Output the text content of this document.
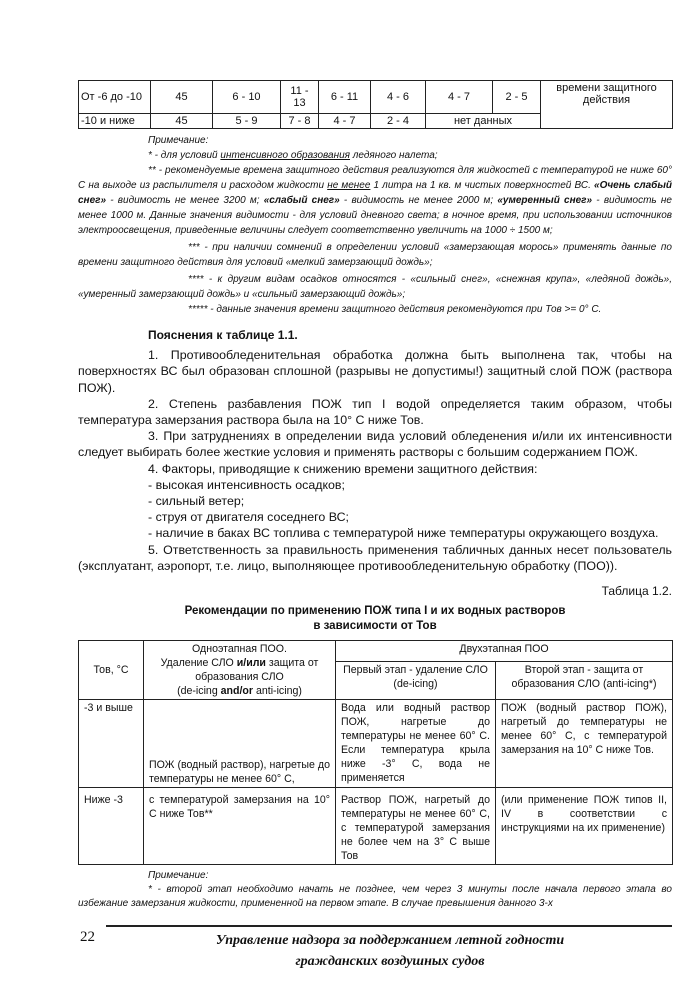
От -6 до -10	45	6 - 10	11 - 13	6 - 11	4 - 6	4 - 7	2 - 5	времени защитного действия
-10 и ниже	45	5 - 9	7 - 8	4 - 7	2 - 4	нет данных		
Примечание:
* - для условий интенсивного образования ледяного налета;
** - рекомендуемые времена защитного действия реализуются для жидкостей с температурой не ниже 60° С на выходе из распылителя и расходом жидкости не менее 1 литра на 1 кв. м чистых поверхностей ВС. «Очень слабый снег» - видимость не менее 3200 м; «слабый снег» - видимость не менее 2000 м; «умеренный снег» - видимость не менее 1000 м. Данные значения видимости - для условий дневного света; в ночное время, при использовании источников электроосвещения, приведенные величины следует соответственно увеличить на 1000 ÷ 1500 м;
*** - при наличии сомнений в определении условий «замерзающая морось» применять данные по времени защитного действия для условий «мелкий замерзающий дождь»;
**** - к другим видам осадков относятся - «сильный снег», «снежная крупа», «ледяной дождь», «умеренный замерзающий дождь» и «сильный замерзающий дождь»;
***** - данные значения времени защитного действия рекомендуются при Тов >= 0° С.
Пояснения к таблице 1.1.

1. Противообледенительная обработка должна быть выполнена так, чтобы на поверхностях ВС был образован сплошной (разрывы не допустимы!) защитный слой ПОЖ (раствора ПОЖ).

2. Степень разбавления ПОЖ тип I водой определяется таким образом, чтобы температура замерзания раствора была на 10° С ниже Тов.

3. При затруднениях в определении вида условий обледенения и/или их интенсивности следует выбирать более жесткие условия и применять растворы с большим содержанием ПОЖ.

4. Факторы, приводящие к снижению времени защитного действия:

- высокая интенсивность осадков;

- сильный ветер;

- струя от двигателя соседнего ВС;

- наличие в баках ВС топлива с температурой ниже температуры окружающего воздуха.

5. Ответственность за правильность применения табличных данных несет пользователь (эксплуатант, аэропорт, т.е. лицо, выполняющее противообледенительную обработку (ПОО)).

Таблица 1.2.
Рекомендации по применению ПОЖ типа I и их водных растворов
в зависимости от Тов
Тов, °С	Одноэтапная ПОО.
Удаление СЛО и/или защита от образования СЛО
(de-icing and/or anti-icing)	Двухэтапная ПОО	
		Первый этап - удаление СЛО (de-icing)	Второй этап - защита от образования СЛО (anti-icing*)
-3 и выше	ПОЖ (водный раствор), нагретые до температуры не менее 60° С,	Вода или водный раствор ПОЖ, нагретые до температуры не менее 60° С. Если температура крыла ниже -3° С, вода не применяется	ПОЖ (водный раствор ПОЖ), нагретый до температуры не менее 60° С, с температурой замерзания на 10° С ниже Тов.
Ниже -3	с температурой замерзания на 10° С ниже Тов**	Раствор ПОЖ, нагретый до температуры не менее 60° С, с температурой замерзания не более чем на 3° С выше Тов	(или применение ПОЖ типов II, IV в соответствии с инструкциями на их применение)
Примечание:
* - второй этап необходимо начать не позднее, чем через 3 минуты после начала первого этапа во избежание замерзания жидкости, примененной на первом этапе. В случае превышения данного 3-х
22	Управление надзора за поддержанием летной годности
гражданских воздушных судов
